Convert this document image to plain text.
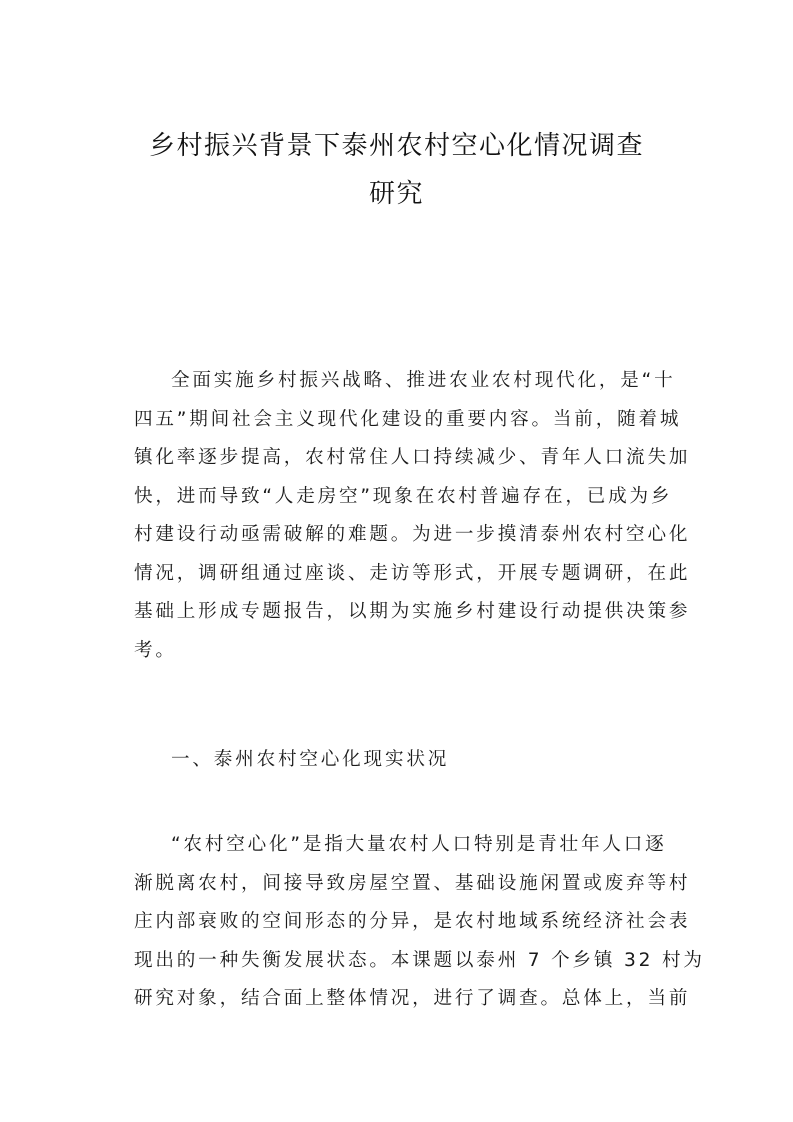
乡村振兴背景下泰州农村空心化情况调查
研究
全面实施乡村振兴战略、推进农业农村现代化，是“十
四五”期间社会主义现代化建设的重要内容。当前，随着城
镇化率逐步提高，农村常住人口持续减少、青年人口流失加
快，进而导致“人走房空”现象在农村普遍存在，已成为乡
村建设行动亟需破解的难题。为进一步摸清泰州农村空心化
情况，调研组通过座谈、走访等形式，开展专题调研，在此
基础上形成专题报告，以期为实施乡村建设行动提供决策参
考。
一、泰州农村空心化现实状况
“农村空心化”是指大量农村人口特别是青壮年人口逐
渐脱离农村，间接导致房屋空置、基础设施闲置或废弃等村
庄内部衰败的空间形态的分异，是农村地域系统经济社会表
现出的一种失衡发展状态。本课题以泰州 7 个乡镇 32 村为
研究对象，结合面上整体情况，进行了调查。总体上，当前
